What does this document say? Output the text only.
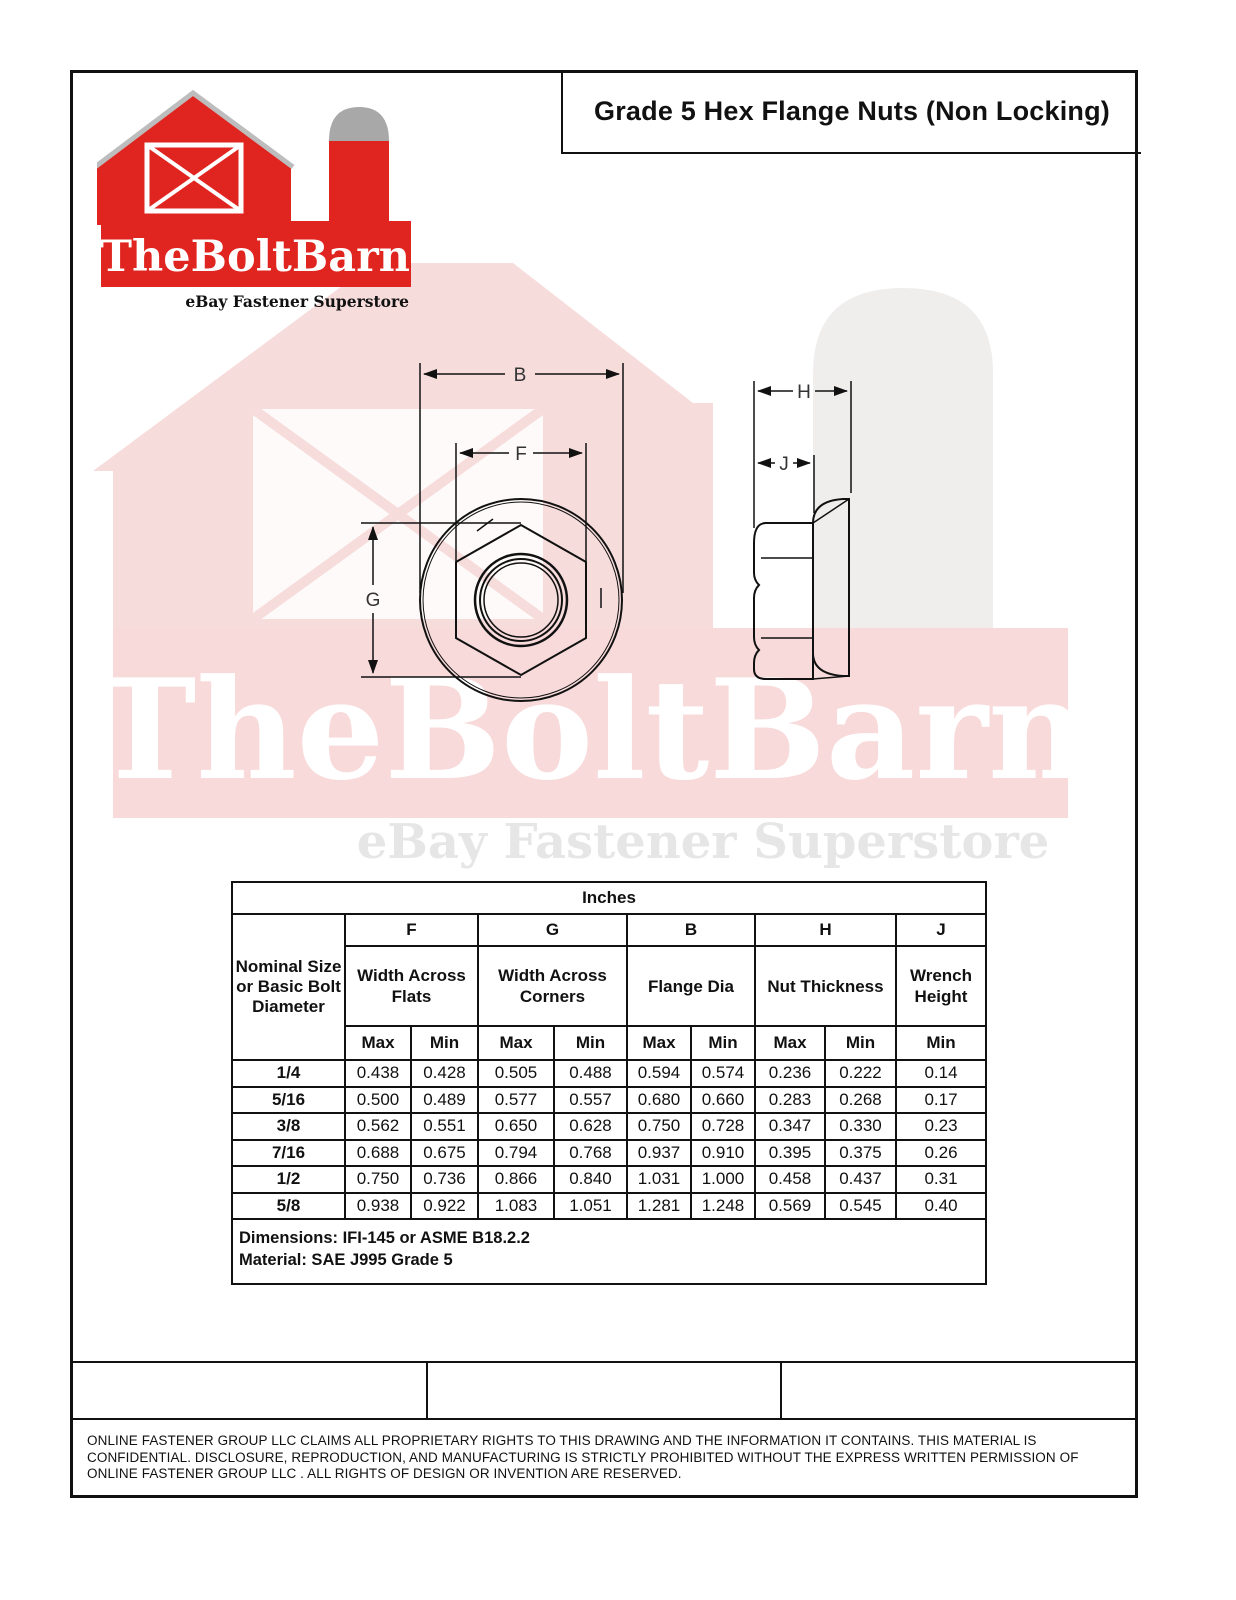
TheBoltBarn
eBay Fastener Superstore
TheBoltBarn
eBay Fastener Superstore
Grade 5 Hex Flange Nuts (Non Locking)
B
F
G
H
J
Inches									
Nominal Size or Basic Bolt Diameter	F		G		B		H		J
	Width Across Flats		Width Across Corners		Flange Dia		Nut Thickness		Wrench Height
	Max	Min	Max	Min	Max	Min	Max	Min	Min
1/4	0.438	0.428	0.505	0.488	0.594	0.574	0.236	0.222	0.14
5/16	0.500	0.489	0.577	0.557	0.680	0.660	0.283	0.268	0.17
3/8	0.562	0.551	0.650	0.628	0.750	0.728	0.347	0.330	0.23
7/16	0.688	0.675	0.794	0.768	0.937	0.910	0.395	0.375	0.26
1/2	0.750	0.736	0.866	0.840	1.031	1.000	0.458	0.437	0.31
5/8	0.938	0.922	1.083	1.051	1.281	1.248	0.569	0.545	0.40
Dimensions: IFI-145 or ASME B18.2.2
Material: SAE J995 Grade 5
ONLINE FASTENER GROUP LLC CLAIMS ALL PROPRIETARY RIGHTS TO THIS DRAWING AND THE INFORMATION IT CONTAINS. THIS MATERIAL IS CONFIDENTIAL. DISCLOSURE, REPRODUCTION, AND MANUFACTURING IS STRICTLY PROHIBITED WITHOUT THE EXPRESS WRITTEN PERMISSION OF ONLINE FASTENER GROUP LLC . ALL RIGHTS OF DESIGN OR INVENTION ARE RESERVED.
